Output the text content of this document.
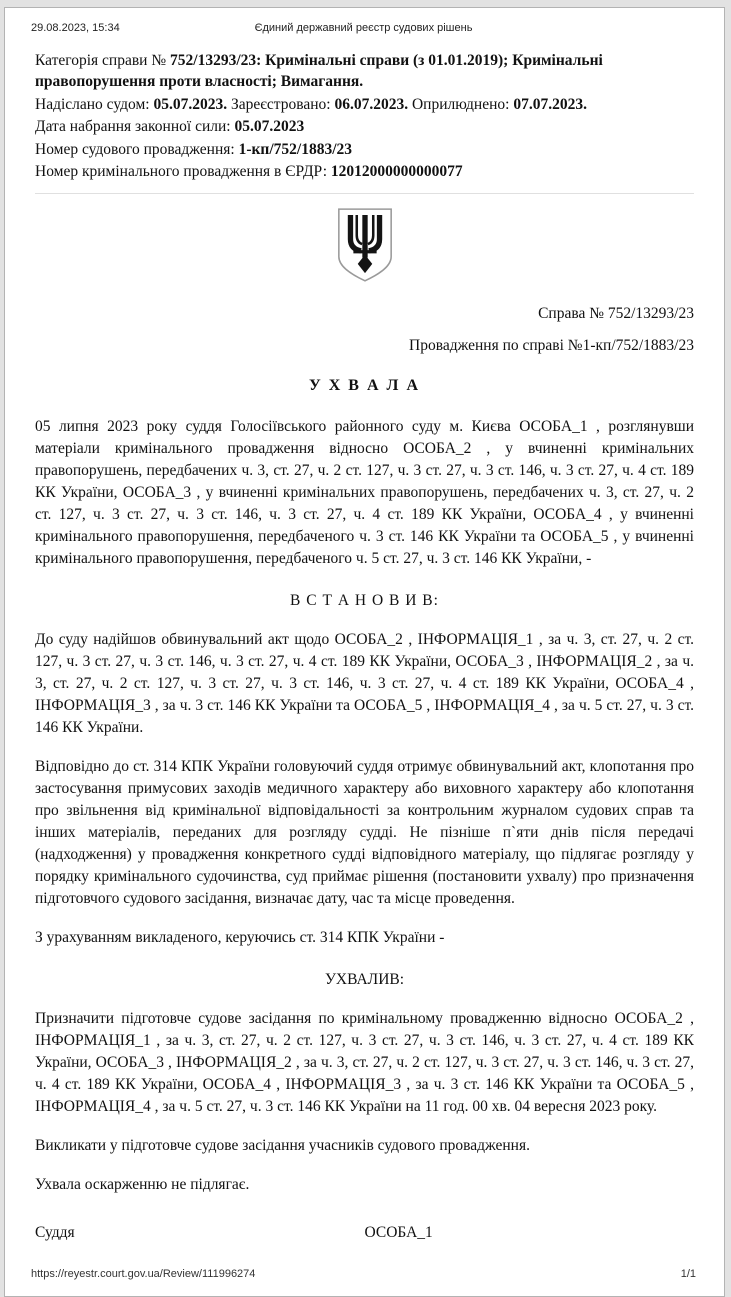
29.08.2023, 15:34	Єдиний державний реєстр судових рішень

Категорія справи № 752/13293/23: Кримінальні справи (з 01.01.2019); Кримінальні правопорушення проти власності; Вимагання.

Надіслано судом: 05.07.2023. Зареєстровано: 06.07.2023. Оприлюднено: 07.07.2023.

Дата набрання законної сили: 05.07.2023

Номер судового провадження: 1-кп/752/1883/23

Номер кримінального провадження в ЄРДР: 12012000000000077

Справа № 752/13293/23

Провадження по справі №1-кп/752/1883/23

У Х В А Л А

05 липня 2023 року суддя Голосіївського районного суду м. Києва ОСОБА_1 , розглянувши матеріали кримінального провадження відносно ОСОБА_2 , у вчиненні кримінальних правопорушень, передбачених ч. 3, ст. 27, ч. 2 ст. 127, ч. 3 ст. 27, ч. 3 ст. 146, ч. 3 ст. 27, ч. 4 ст. 189 КК України, ОСОБА_3 , у вчиненні кримінальних правопорушень, передбачених ч. 3, ст. 27, ч. 2 ст. 127, ч. 3 ст. 27, ч. 3 ст. 146, ч. 3 ст. 27, ч. 4 ст. 189 КК України, ОСОБА_4 , у вчиненні кримінального правопорушення, передбаченого ч. 3 ст. 146 КК України та ОСОБА_5 , у вчиненні кримінального правопорушення, передбаченого ч. 5 ст. 27, ч. 3 ст. 146 КК України, -

В С Т А Н О В И В:

До суду надійшов обвинувальний акт щодо ОСОБА_2 , ІНФОРМАЦІЯ_1 , за ч. 3, ст. 27, ч. 2 ст. 127, ч. 3 ст. 27, ч. 3 ст. 146, ч. 3 ст. 27, ч. 4 ст. 189 КК України, ОСОБА_3 , ІНФОРМАЦІЯ_2 , за ч. 3, ст. 27, ч. 2 ст. 127, ч. 3 ст. 27, ч. 3 ст. 146, ч. 3 ст. 27, ч. 4 ст. 189 КК України, ОСОБА_4 , ІНФОРМАЦІЯ_3 , за ч. 3 ст. 146 КК України та ОСОБА_5 , ІНФОРМАЦІЯ_4 , за ч. 5 ст. 27, ч. 3 ст. 146 КК України.

Відповідно до ст. 314 КПК України головуючий суддя отримує обвинувальний акт, клопотання про застосування примусових заходів медичного характеру або виховного характеру або клопотання про звільнення від кримінальної відповідальності за контрольним журналом судових справ та інших матеріалів, переданих для розгляду судді. Не пізніше п`яти днів після передачі (надходження) у провадження конкретного судді відповідного матеріалу, що підлягає розгляду у порядку кримінального судочинства, суд приймає рішення (постановити ухвалу) про призначення підготовчого судового засідання, визначає дату, час та місце проведення.

З урахуванням викладеного, керуючись ст. 314 КПК України -

УХВАЛИВ:

Призначити підготовче судове засідання по кримінальному провадженню відносно ОСОБА_2 , ІНФОРМАЦІЯ_1 , за ч. 3, ст. 27, ч. 2 ст. 127, ч. 3 ст. 27, ч. 3 ст. 146, ч. 3 ст. 27, ч. 4 ст. 189 КК України, ОСОБА_3 , ІНФОРМАЦІЯ_2 , за ч. 3, ст. 27, ч. 2 ст. 127, ч. 3 ст. 27, ч. 3 ст. 146, ч. 3 ст. 27, ч. 4 ст. 189 КК України, ОСОБА_4 , ІНФОРМАЦІЯ_3 , за ч. 3 ст. 146 КК України та ОСОБА_5 , ІНФОРМАЦІЯ_4 , за ч. 5 ст. 27, ч. 3 ст. 146 КК України на 11 год. 00 хв. 04 вересня 2023 року.

Викликати у підготовче судове засідання учасників судового провадження.

Ухвала оскарженню не підлягає.

Суддя	ОСОБА_1
https://reyestr.court.gov.ua/Review/111996274	1/1
